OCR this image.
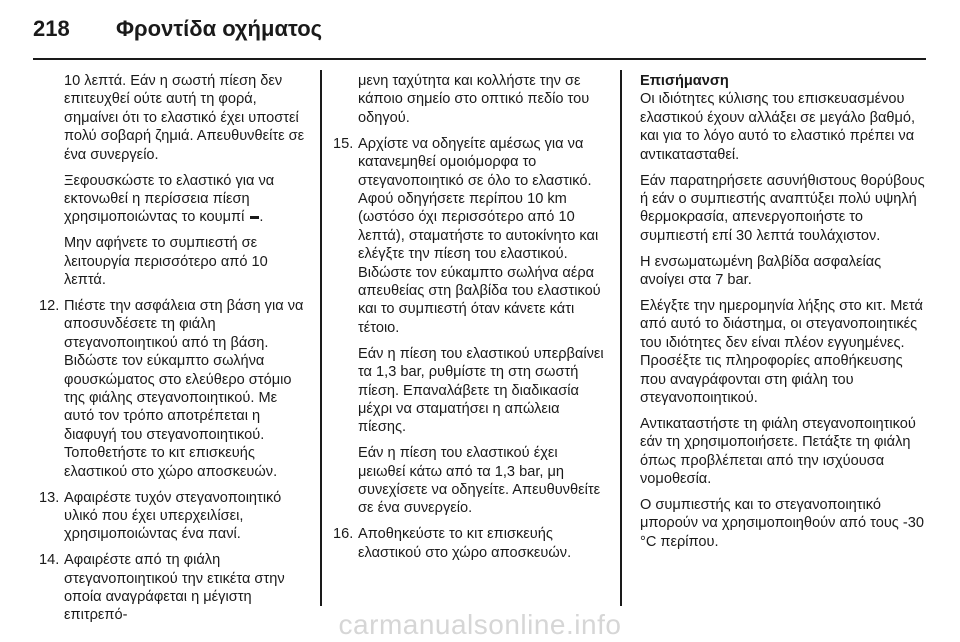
218 Φροντίδα οχήματος

10 λεπτά. Εάν η σωστή πίεση δεν επιτευχθεί ούτε αυτή τη φορά, σημαίνει ότι το ελαστικό έχει υποστεί πολύ σοβαρή ζημιά. Απευθυνθείτε σε ένα συνεργείο.

Ξεφουσκώστε το ελαστικό για να εκτονωθεί η περίσσεια πίεση χρησιμοποιώντας το κουμπί .

Μην αφήνετε το συμπιεστή σε λειτουργία περισσότερο από 10 λεπτά.

12. Πιέστε την ασφάλεια στη βάση για να αποσυνδέσετε τη φιάλη στεγανοποιητικού από τη βάση. Βιδώστε τον εύκαμπτο σωλήνα φουσκώματος στο ελεύθερο στόμιο της φιάλης στεγανοποιητικού. Με αυτό τον τρόπο αποτρέπεται η διαφυγή του στεγανοποιητικού. Τοποθετήστε το κιτ επισκευής ελαστικού στο χώρο αποσκευών.
13. Αφαιρέστε τυχόν στεγανοποιητικό υλικό που έχει υπερχειλίσει, χρησιμοποιώντας ένα πανί.
14. Αφαιρέστε από τη φιάλη στεγανοποιητικού την ετικέτα στην οποία αναγράφεται η μέγιστη επιτρεπό-

μενη ταχύτητα και κολλήστε την σε κάποιο σημείο στο οπτικό πεδίο του οδηγού.

15. Αρχίστε να οδηγείτε αμέσως για να κατανεμηθεί ομοιόμορφα το στεγανοποιητικό σε όλο το ελαστικό. Αφού οδηγήσετε περίπου 10 km (ωστόσο όχι περισσότερο από 10 λεπτά), σταματήστε το αυτοκίνητο και ελέγξτε την πίεση του ελαστικού. Βιδώστε τον εύκαμπτο σωλήνα αέρα απευθείας στη βαλβίδα του ελαστικού και το συμπιεστή όταν κάνετε κάτι τέτοιο.

Εάν η πίεση του ελαστικού υπερβαίνει τα 1,3 bar, ρυθμίστε τη στη σωστή πίεση. Επαναλάβετε τη διαδικασία μέχρι να σταματήσει η απώλεια πίεσης.

Εάν η πίεση του ελαστικού έχει μειωθεί κάτω από τα 1,3 bar, μη συνεχίσετε να οδηγείτε. Απευθυνθείτε σε ένα συνεργείο.

16. Αποθηκεύστε το κιτ επισκευής ελαστικού στο χώρο αποσκευών.
Επισήμανση

Οι ιδιότητες κύλισης του επισκευασμένου ελαστικού έχουν αλλάξει σε μεγάλο βαθμό, και για το λόγο αυτό το ελαστικό πρέπει να αντικατασταθεί.

Εάν παρατηρήσετε ασυνήθιστους θορύβους ή εάν ο συμπιεστής αναπτύξει πολύ υψηλή θερμοκρασία, απενεργοποιήστε το συμπιεστή επί 30 λεπτά τουλάχιστον.

Η ενσωματωμένη βαλβίδα ασφαλείας ανοίγει στα 7 bar.

Ελέγξτε την ημερομηνία λήξης στο κιτ. Μετά από αυτό το διάστημα, οι στεγανοποιητικές του ιδιότητες δεν είναι πλέον εγγυημένες. Προσέξτε τις πληροφορίες αποθήκευσης που αναγράφονται στη φιάλη του στεγανοποιητικού.

Αντικαταστήστε τη φιάλη στεγανοποιητικού εάν τη χρησιμοποιήσετε. Πετάξτε τη φιάλη όπως προβλέπεται από την ισχύουσα νομοθεσία.

Ο συμπιεστής και το στεγανοποιητικό μπορούν να χρησιμοποιηθούν από τους -30 °C περίπου.

carmanualsonline.info
